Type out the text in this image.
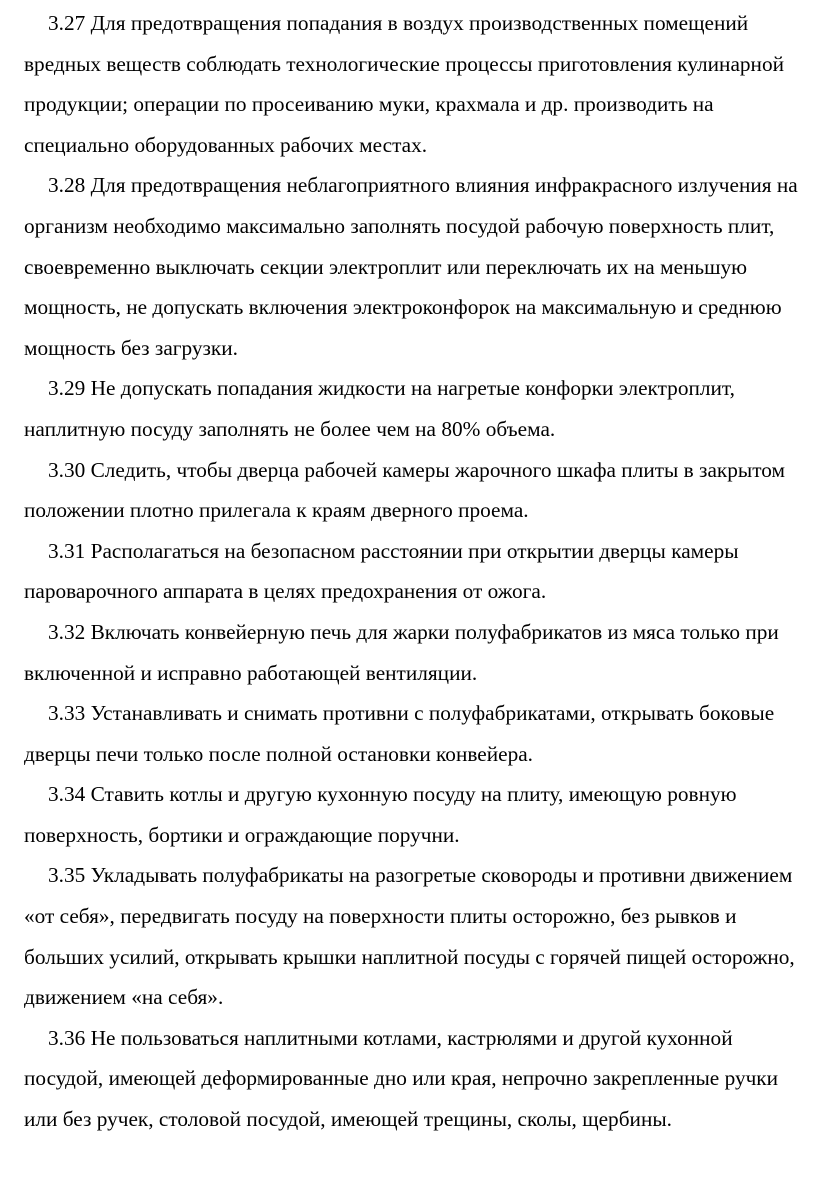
3.27 Для предотвращения попадания в воздух производственных помещений вредных веществ соблюдать технологические процессы приготовления кулинарной продукции; операции по просеиванию муки, крахмала и др. производить на специально оборудованных рабочих местах.

3.28 Для предотвращения неблагоприятного влияния инфракрасного излучения на организм необходимо максимально заполнять посудой рабочую поверхность плит, своевременно выключать секции электроплит или переключать их на меньшую мощность, не допускать включения электроконфорок на максимальную и среднюю мощность без загрузки.

3.29 Не допускать попадания жидкости на нагретые конфорки электроплит, наплитную посуду заполнять не более чем на 80% объема.

3.30 Следить, чтобы дверца рабочей камеры жарочного шкафа плиты в закрытом положении плотно прилегала к краям дверного проема.

3.31 Располагаться на безопасном расстоянии при открытии дверцы камеры пароварочного аппарата в целях предохранения от ожога.

3.32 Включать конвейерную печь для жарки полуфабрикатов из мяса только при включенной и исправно работающей вентиляции.

3.33 Устанавливать и снимать противни с полуфабрикатами, открывать боковые дверцы печи только после полной остановки конвейера.

3.34 Ставить котлы и другую кухонную посуду на плиту, имеющую ровную поверхность, бортики и ограждающие поручни.

3.35 Укладывать полуфабрикаты на разогретые сковороды и противни движением «от себя», передвигать посуду на поверхности плиты осторожно, без рывков и больших усилий, открывать крышки наплитной посуды с горячей пищей осторожно, движением «на себя».

3.36 Не пользоваться наплитными котлами, кастрюлями и другой кухонной посудой, имеющей деформированные дно или края, непрочно закрепленные ручки или без ручек, столовой посудой, имеющей трещины, сколы, щербины.
